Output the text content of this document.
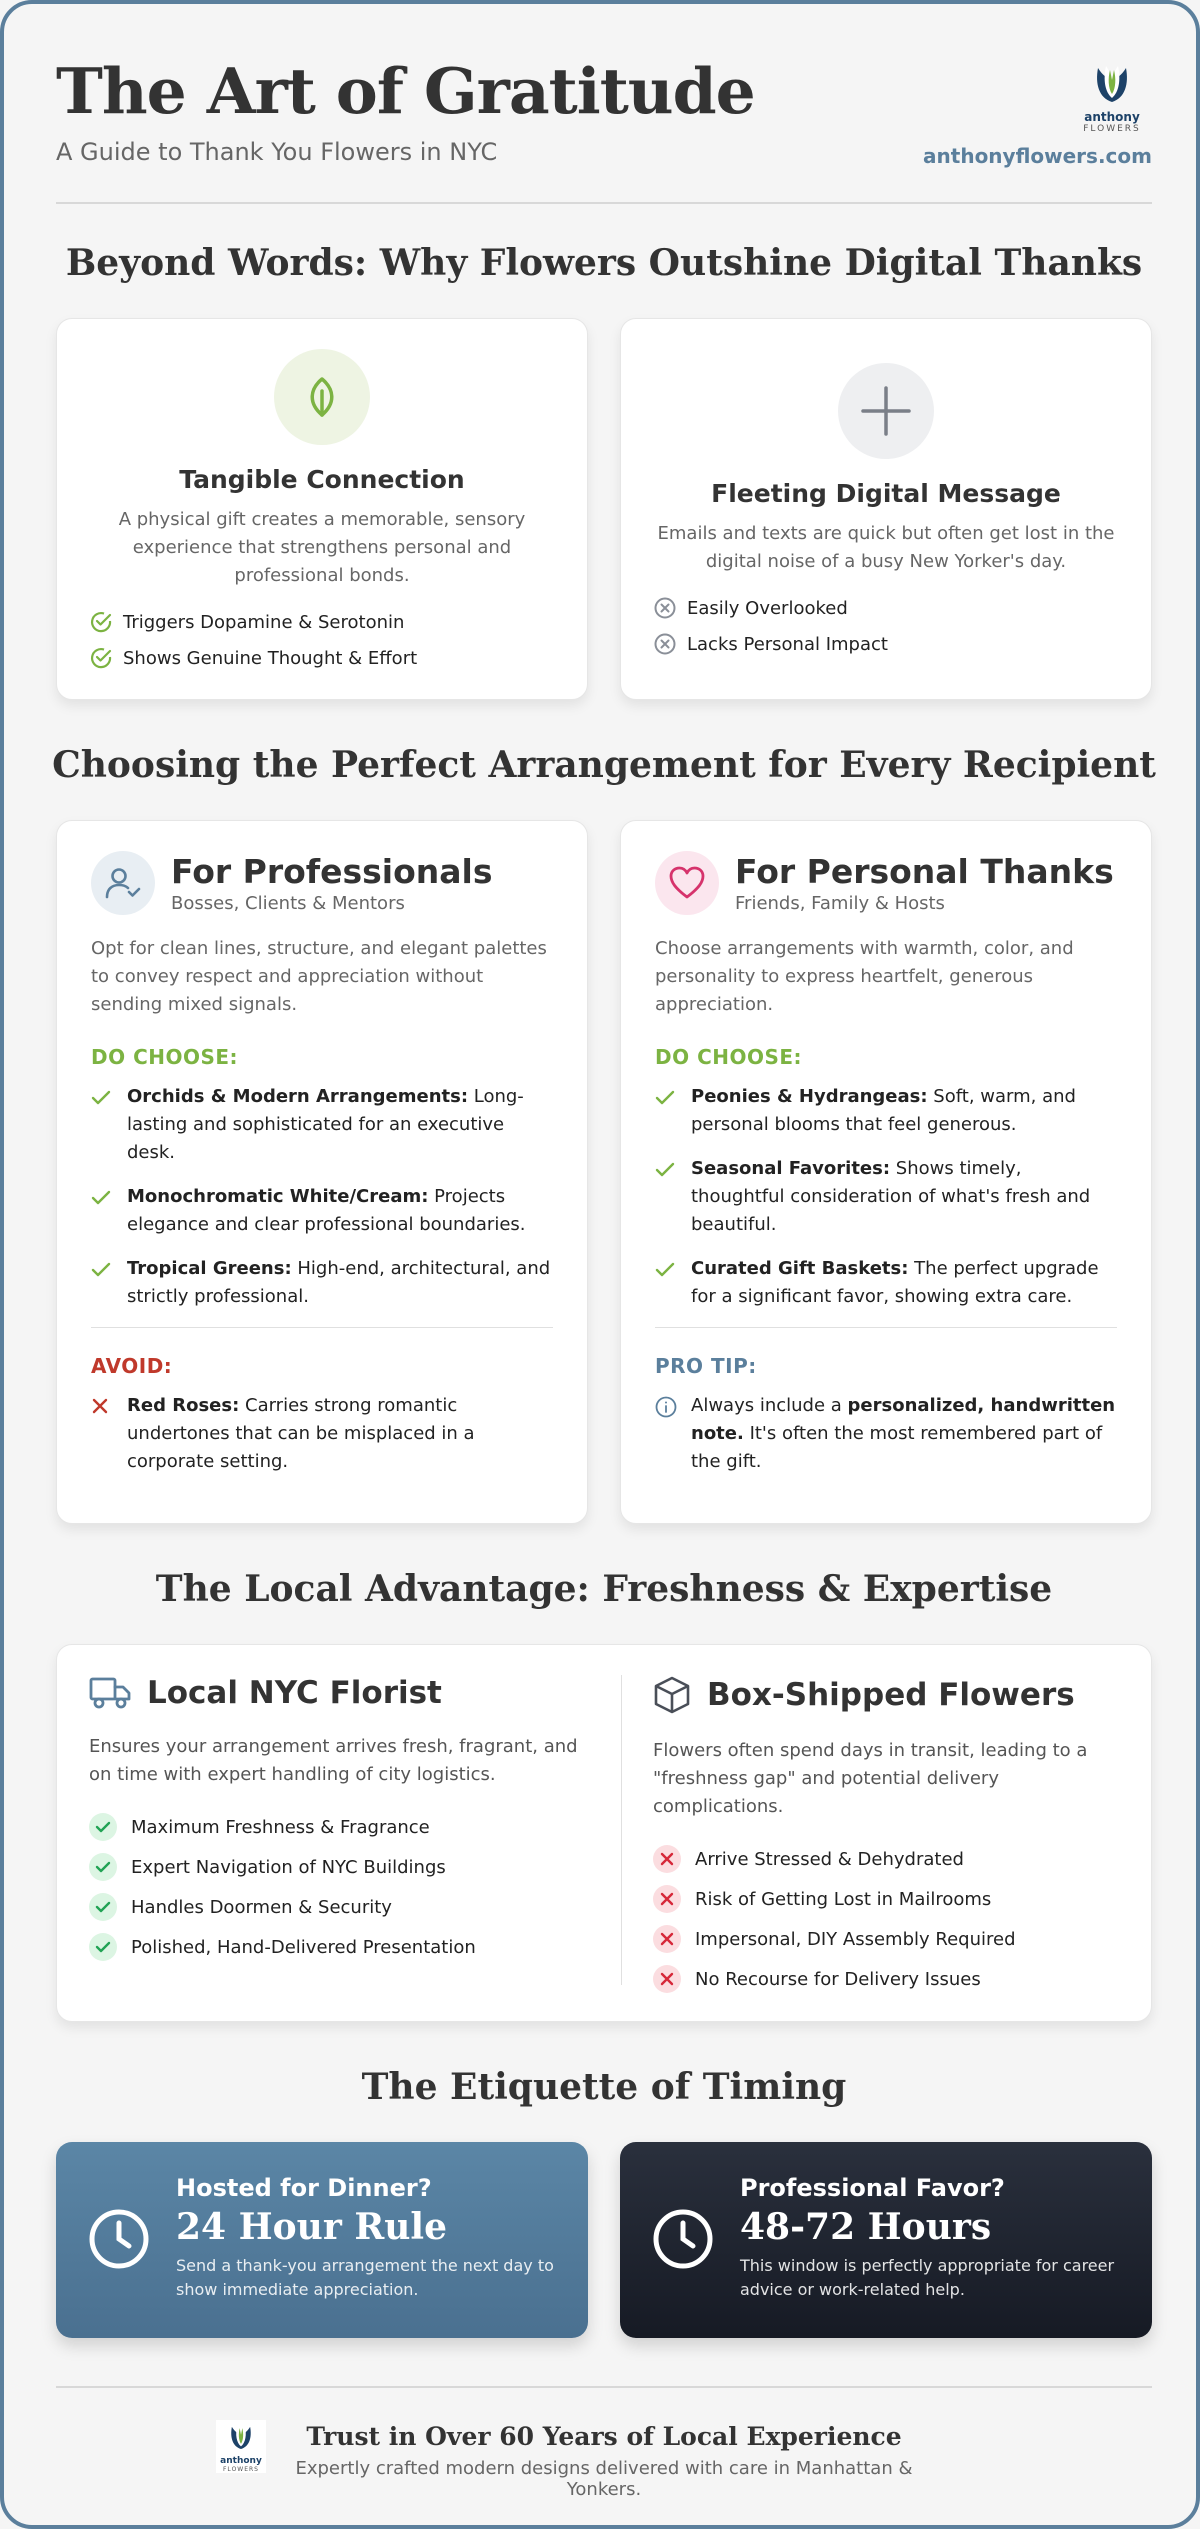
The Art of Gratitude
A Guide to Thank You Flowers in NYC
anthony
FLOWERS
anthonyflowers.com
Beyond Words: Why Flowers Outshine Digital Thanks
Tangible Connection
A physical gift creates a memorable, sensory experience that strengthens personal and professional bonds.
Triggers Dopamine & Serotonin
Shows Genuine Thought & Effort
Fleeting Digital Message
Emails and texts are quick but often get lost in the digital noise of a busy New Yorker's day.
Easily Overlooked
Lacks Personal Impact
Choosing the Perfect Arrangement for Every Recipient
For Professionals
Bosses, Clients & Mentors
Opt for clean lines, structure, and elegant palettes to convey respect and appreciation without sending mixed signals.
DO CHOOSE:
Orchids & Modern Arrangements: Long-lasting and sophisticated for an executive desk.
Monochromatic White/Cream: Projects elegance and clear professional boundaries.
Tropical Greens: High-end, architectural, and strictly professional.
AVOID:
Red Roses: Carries strong romantic undertones that can be misplaced in a corporate setting.
For Personal Thanks
Friends, Family & Hosts
Choose arrangements with warmth, color, and personality to express heartfelt, generous appreciation.
DO CHOOSE:
Peonies & Hydrangeas: Soft, warm, and personal blooms that feel generous.
Seasonal Favorites: Shows timely, thoughtful consideration of what's fresh and beautiful.
Curated Gift Baskets: The perfect upgrade for a significant favor, showing extra care.
PRO TIP:
Always include a personalized, handwritten note. It's often the most remembered part of the gift.
The Local Advantage: Freshness & Expertise
Local NYC Florist
Ensures your arrangement arrives fresh, fragrant, and on time with expert handling of city logistics.
Maximum Freshness & Fragrance
Expert Navigation of NYC Buildings
Handles Doormen & Security
Polished, Hand-Delivered Presentation
Box-Shipped Flowers
Flowers often spend days in transit, leading to a "freshness gap" and potential delivery complications.
Arrive Stressed & Dehydrated
Risk of Getting Lost in Mailrooms
Impersonal, DIY Assembly Required
No Recourse for Delivery Issues
The Etiquette of Timing
Hosted for Dinner?
24 Hour Rule
Send a thank-you arrangement the next day to show immediate appreciation.
Professional Favor?
48-72 Hours
This window is perfectly appropriate for career advice or work-related help.
anthony
FLOWERS
Trust in Over 60 Years of Local Experience
Expertly crafted modern designs delivered with care in Manhattan & Yonkers.
